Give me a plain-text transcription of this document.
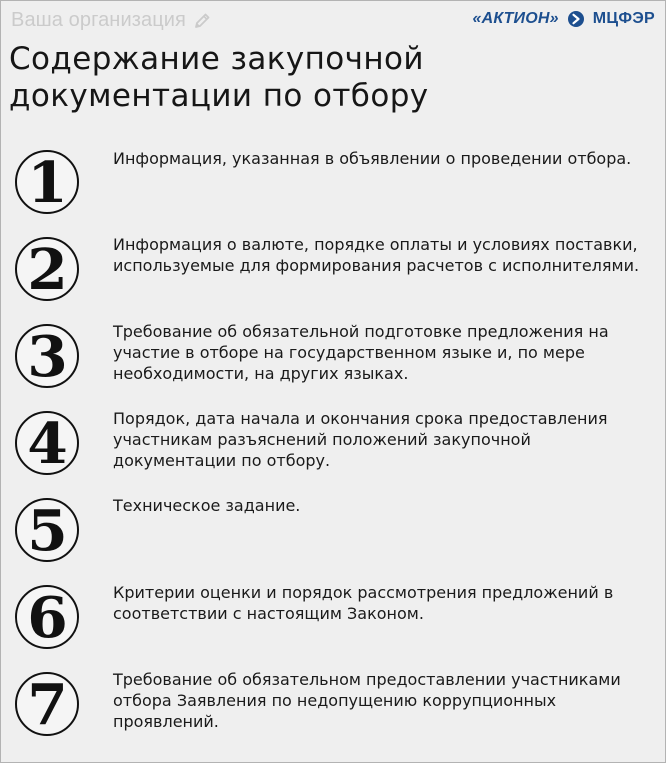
Ваша организация	«АКТИОН» МЦФЭР
Содержание закупочной
документации по отбору
1	Информация, указанная в объявлении о проведении отбора.

2	Информация о валюте, порядке оплаты и условиях поставки, используемые для формирования расчетов с исполнителями.

3	Требование об обязательной подготовке предложения на участие в отборе на государственном языке и, по мере необходимости, на других языках.

4	Порядок, дата начала и окончания срока предоставления участникам разъяснений положений закупочной документации по отбору.

5	Техническое задание.

6	Критерии оценки и порядок рассмотрения предложений в соответствии с настоящим Законом.

7	Требование об обязательном предоставлении участниками отбора Заявления по недопущению коррупционных проявлений.
